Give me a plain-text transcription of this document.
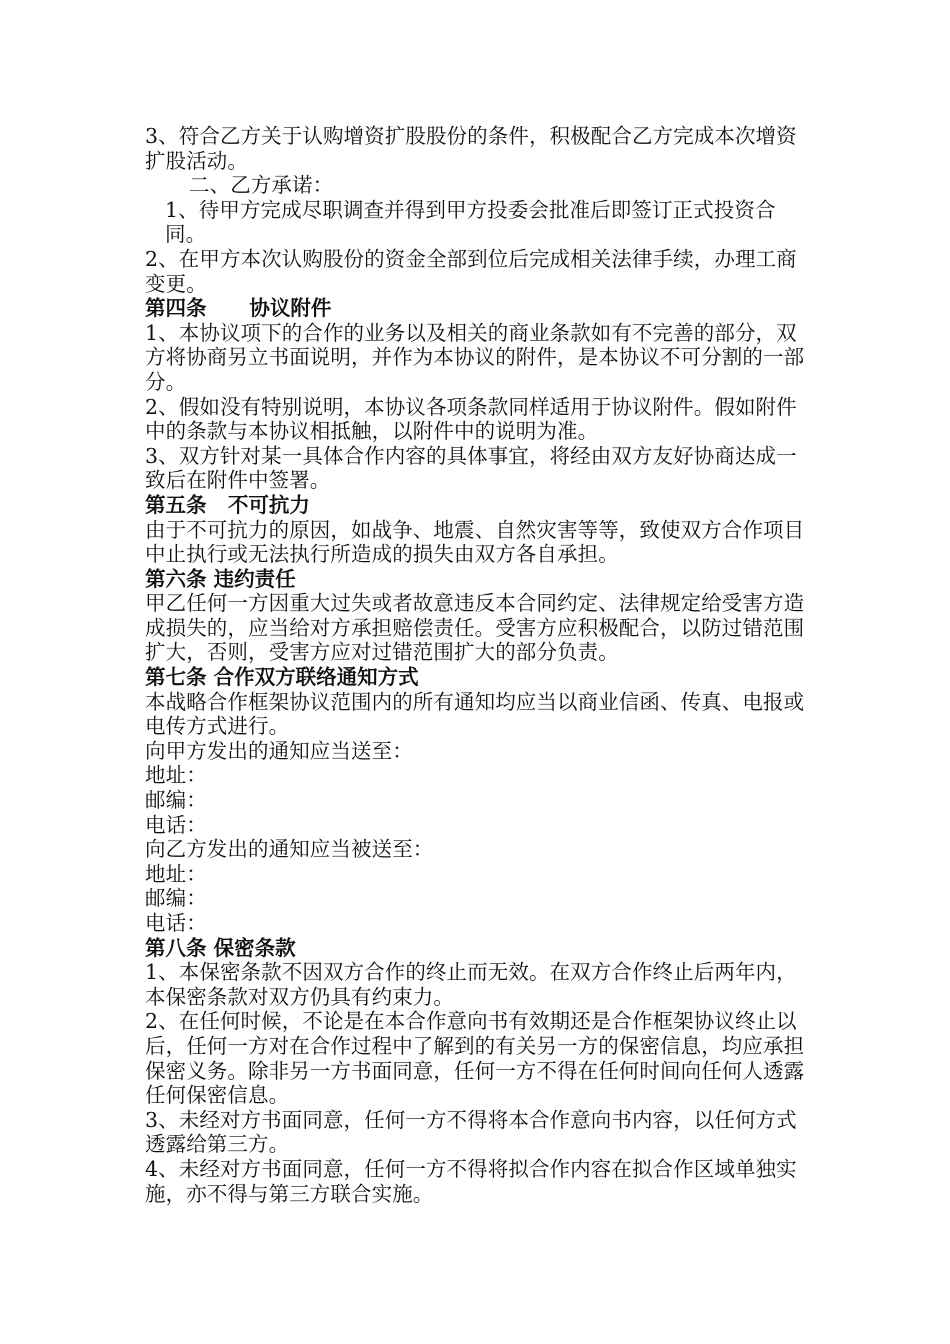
3、符合乙方关于认购增资扩股股份的条件，积极配合乙方完成本次增资扩股活动。

二、乙方承诺：

1、待甲方完成尽职调查并得到甲方投委会批准后即签订正式投资合同。

2、在甲方本次认购股份的资金全部到位后完成相关法律手续，办理工商变更。

第四条      协议附件

1、本协议项下的合作的业务以及相关的商业条款如有不完善的部分，双方将协商另立书面说明，并作为本协议的附件，是本协议不可分割的一部分。

2、假如没有特别说明，本协议各项条款同样适用于协议附件。假如附件中的条款与本协议相抵触，以附件中的说明为准。

3、双方针对某一具体合作内容的具体事宜，将经由双方友好协商达成一致后在附件中签署。

第五条   不可抗力

由于不可抗力的原因，如战争、地震、自然灾害等等，致使双方合作项目中止执行或无法执行所造成的损失由双方各自承担。

第六条 违约责任

甲乙任何一方因重大过失或者故意违反本合同约定、法律规定给受害方造成损失的，应当给对方承担赔偿责任。受害方应积极配合，以防过错范围扩大，否则，受害方应对过错范围扩大的部分负责。

第七条 合作双方联络通知方式

本战略合作框架协议范围内的所有通知均应当以商业信函、传真、电报或电传方式进行。

向甲方发出的通知应当送至：

地址：

邮编：

电话：

向乙方发出的通知应当被送至：

地址：

邮编：

电话：

第八条 保密条款

1、本保密条款不因双方合作的终止而无效。在双方合作终止后两年内，本保密条款对双方仍具有约束力。

2、在任何时候，不论是在本合作意向书有效期还是合作框架协议终止以后，任何一方对在合作过程中了解到的有关另一方的保密信息，均应承担保密义务。除非另一方书面同意，任何一方不得在任何时间向任何人透露任何保密信息。

3、未经对方书面同意，任何一方不得将本合作意向书内容，以任何方式透露给第三方。

4、未经对方书面同意，任何一方不得将拟合作内容在拟合作区域单独实施，亦不得与第三方联合实施。
